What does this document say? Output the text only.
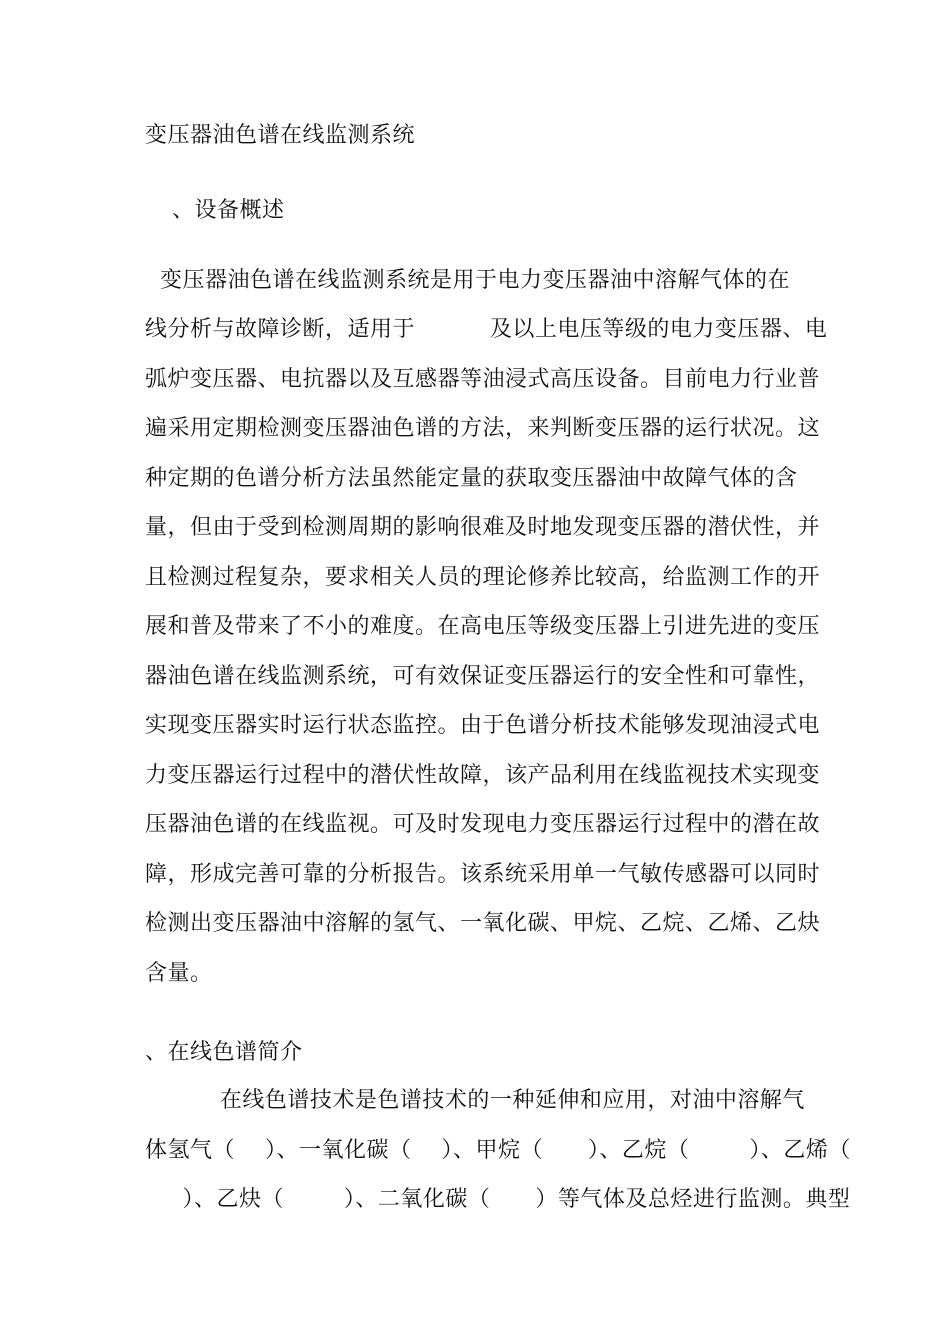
变压器油色谱在线监测系统
、设备概述
变压器油色谱在线监测系统是用于电力变压器油中溶解气体的在
线分析与故障诊断，适用于          及以上电压等级的电力变压器、电
弧炉变压器、电抗器以及互感器等油浸式高压设备。目前电力行业普
遍采用定期检测变压器油色谱的方法，来判断变压器的运行状况。这
种定期的色谱分析方法虽然能定量的获取变压器油中故障气体的含
量，但由于受到检测周期的影响很难及时地发现变压器的潜伏性，并
且检测过程复杂，要求相关人员的理论修养比较高，给监测工作的开
展和普及带来了不小的难度。在高电压等级变压器上引进先进的变压
器油色谱在线监测系统，可有效保证变压器运行的安全性和可靠性，
实现变压器实时运行状态监控。由于色谱分析技术能够发现油浸式电
力变压器运行过程中的潜伏性故障，该产品利用在线监视技术实现变
压器油色谱的在线监视。可及时发现电力变压器运行过程中的潜在故
障，形成完善可靠的分析报告。该系统采用单一气敏传感器可以同时
检测出变压器油中溶解的氢气、一氧化碳、甲烷、乙烷、乙烯、乙炔
含量。
、在线色谱简介
在线色谱技术是色谱技术的一种延伸和应用，对油中溶解气
体氢气（    ）、一氧化碳（    ）、甲烷（      ）、乙烷（        ）、乙烯（
）、乙炔（        ）、二氧化碳（      ）等气体及总烃进行监测。典型
